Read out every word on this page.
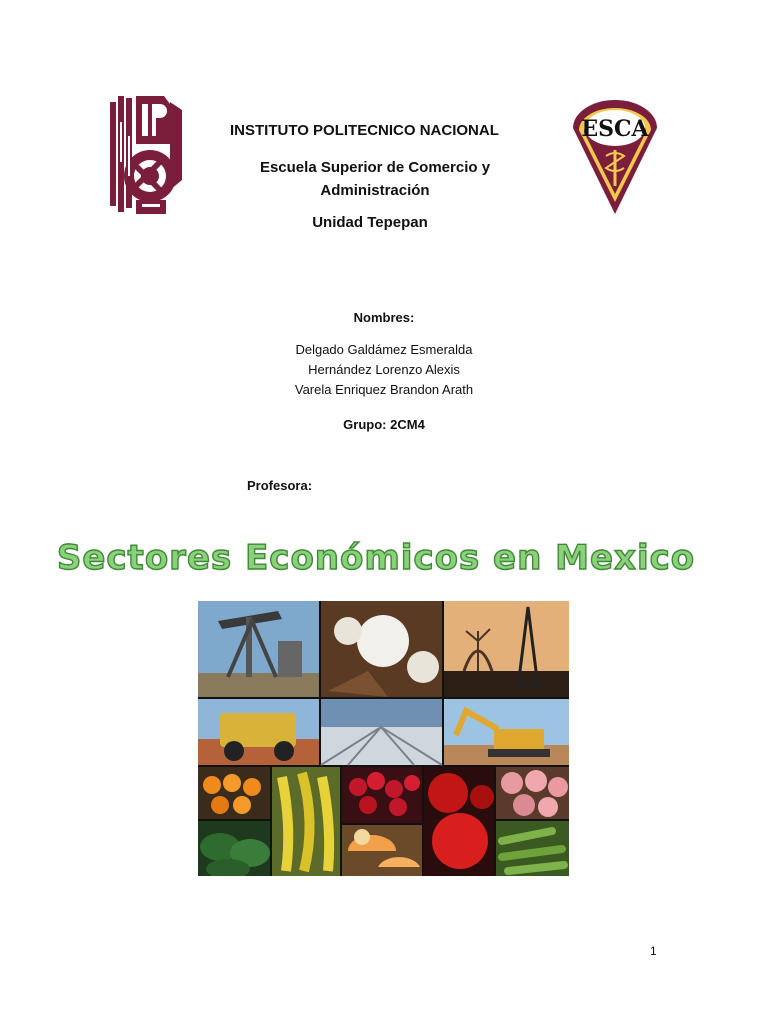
ESCA

INSTITUTO POLITECNICO NACIONAL

Escuela Superior de Comercio y
Administración

Unidad Tepepan

Nombres:

Delgado Galdámez Esmeralda
Hernández Lorenzo Alexis
Varela Enriquez Brandon Arath

Grupo: 2CM4

Profesora:

Sectores Económicos en Mexico

1
